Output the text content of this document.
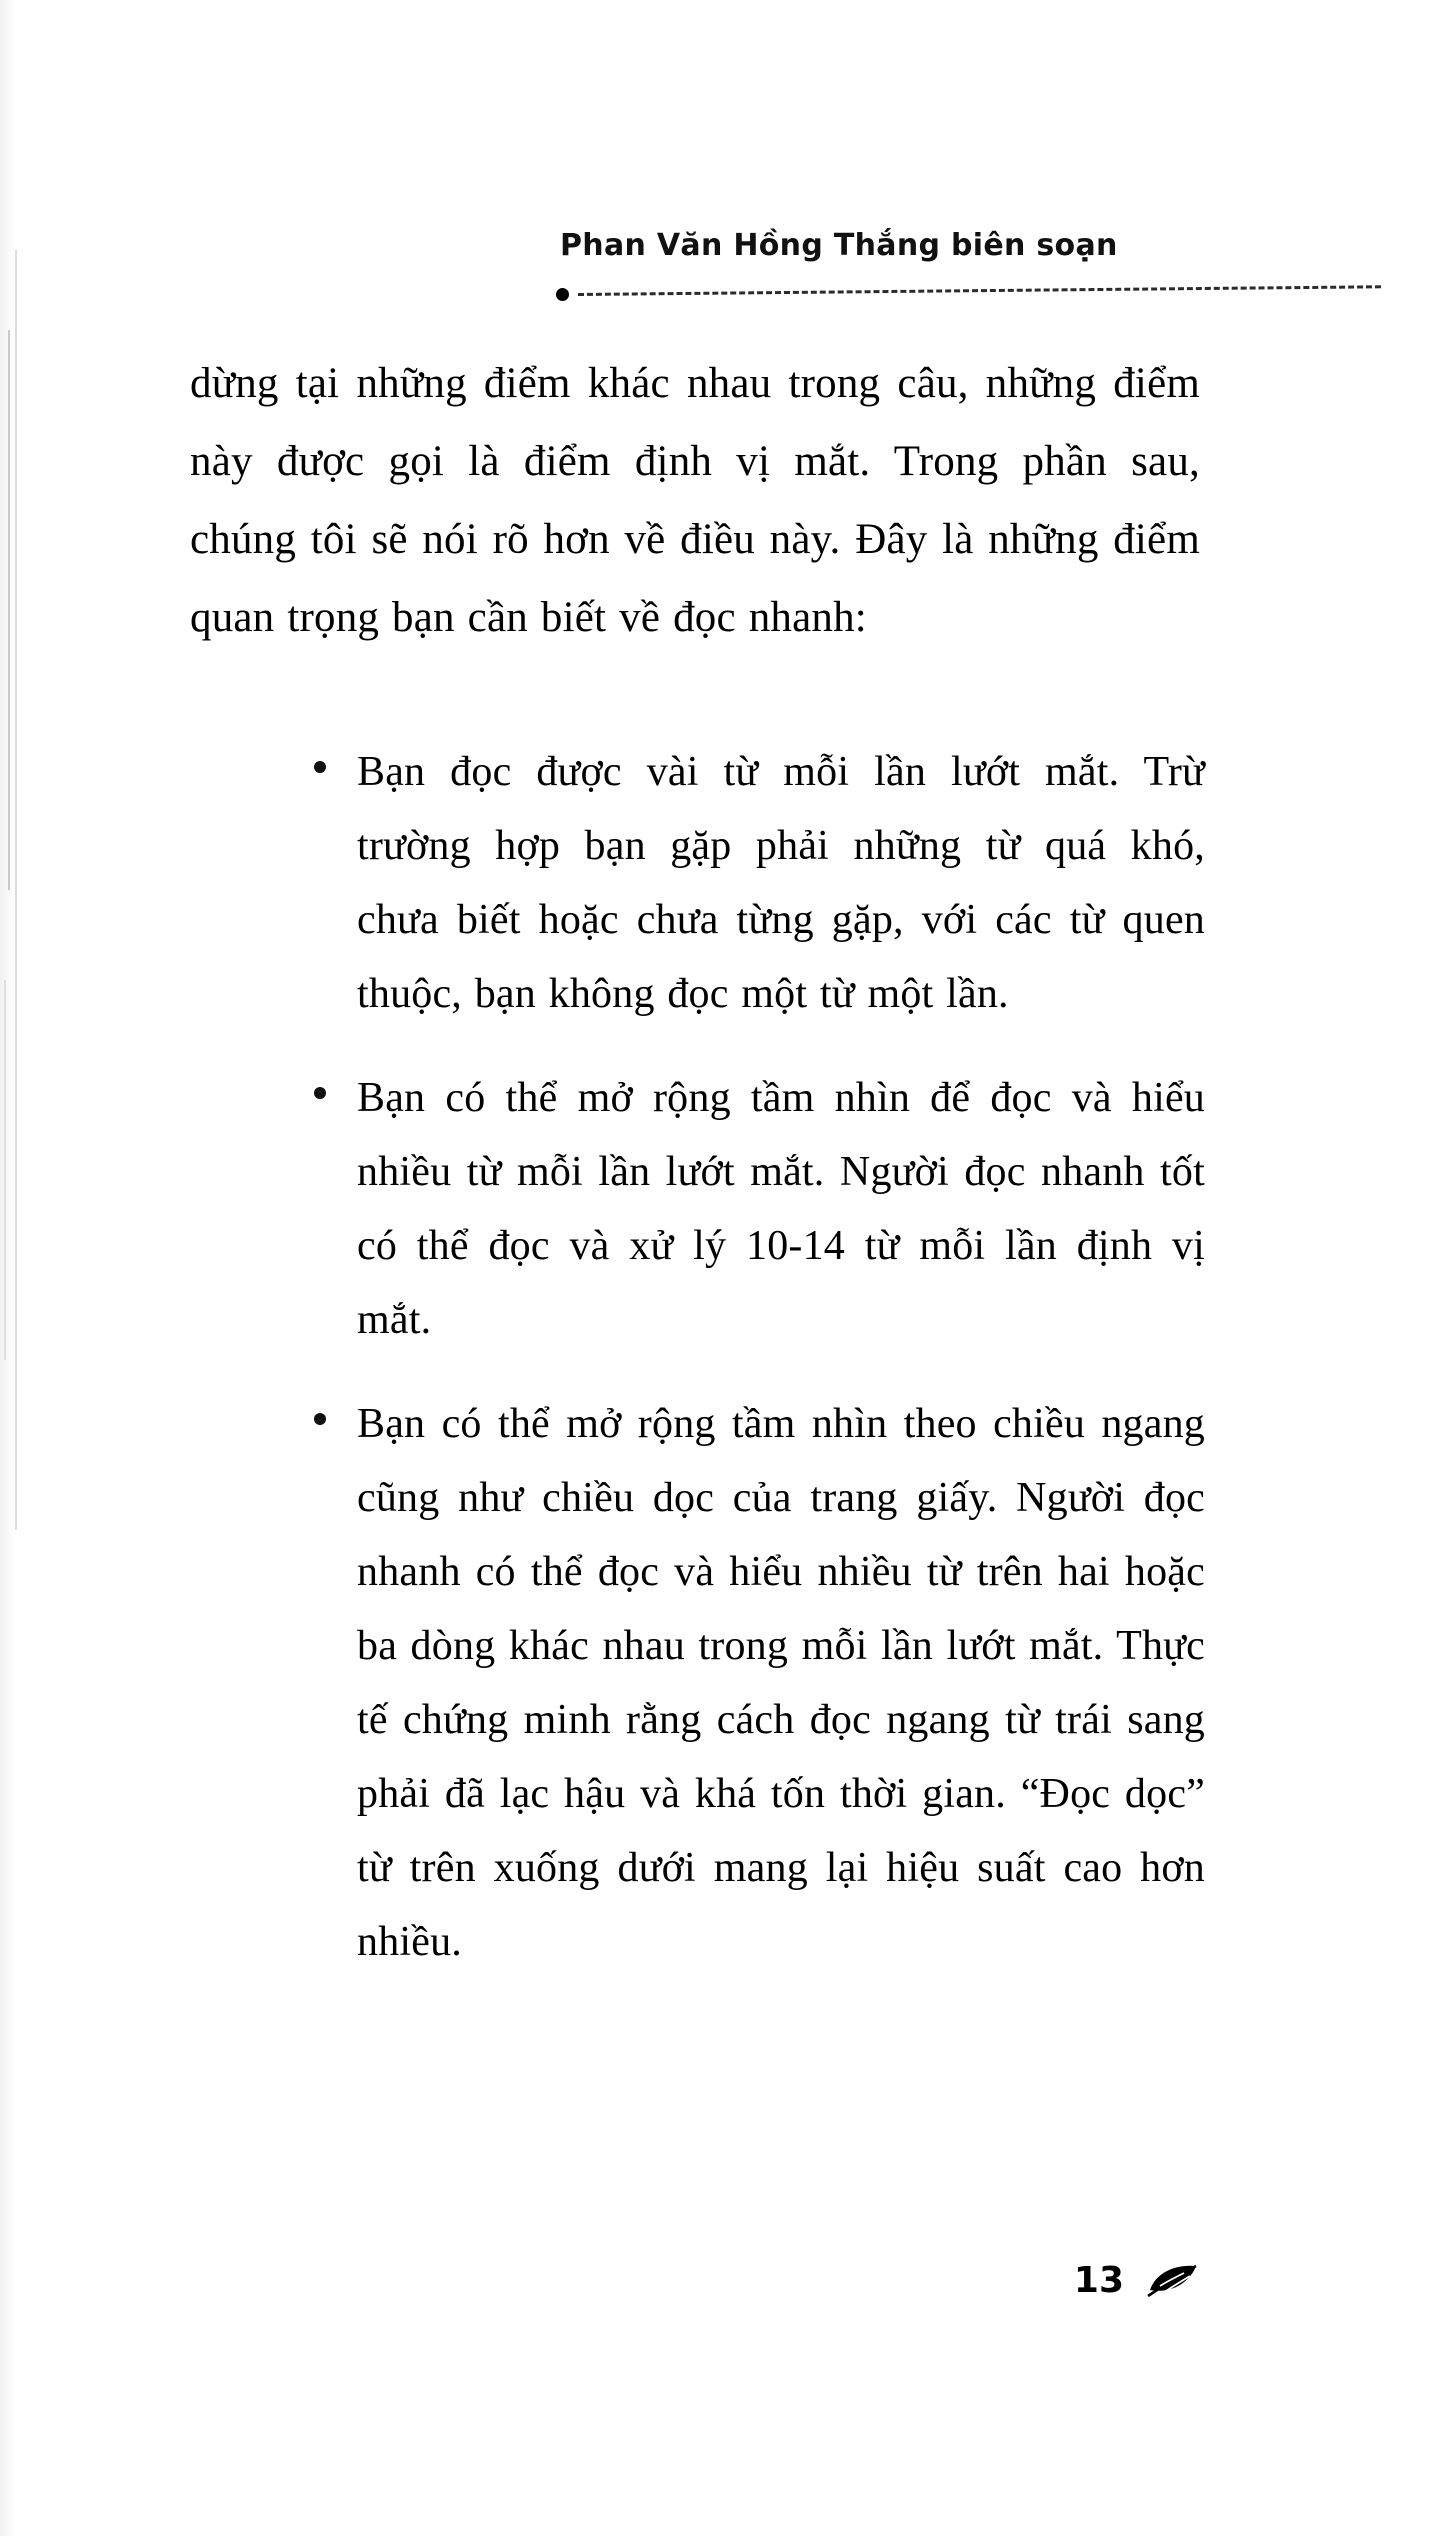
Phan Văn Hồng Thắng biên soạn

dừng tại những điểm khác nhau trong câu, những điểm này được gọi là điểm định vị mắt. Trong phần sau, chúng tôi sẽ nói rõ hơn về điều này. Đây là những điểm quan trọng bạn cần biết về đọc nhanh:

Bạn đọc được vài từ mỗi lần lướt mắt. Trừ trường hợp bạn gặp phải những từ quá khó, chưa biết hoặc chưa từng gặp, với các từ quen thuộc, bạn không đọc một từ một lần.

Bạn có thể mở rộng tầm nhìn để đọc và hiểu nhiều từ mỗi lần lướt mắt. Người đọc nhanh tốt có thể đọc và xử lý 10-14 từ mỗi lần định vị mắt.

Bạn có thể mở rộng tầm nhìn theo chiều ngang cũng như chiều dọc của trang giấy. Người đọc nhanh có thể đọc và hiểu nhiều từ trên hai hoặc ba dòng khác nhau trong mỗi lần lướt mắt. Thực tế chứng minh rằng cách đọc ngang từ trái sang phải đã lạc hậu và khá tốn thời gian. “Đọc dọc” từ trên xuống dưới mang lại hiệu suất cao hơn nhiều.

13
